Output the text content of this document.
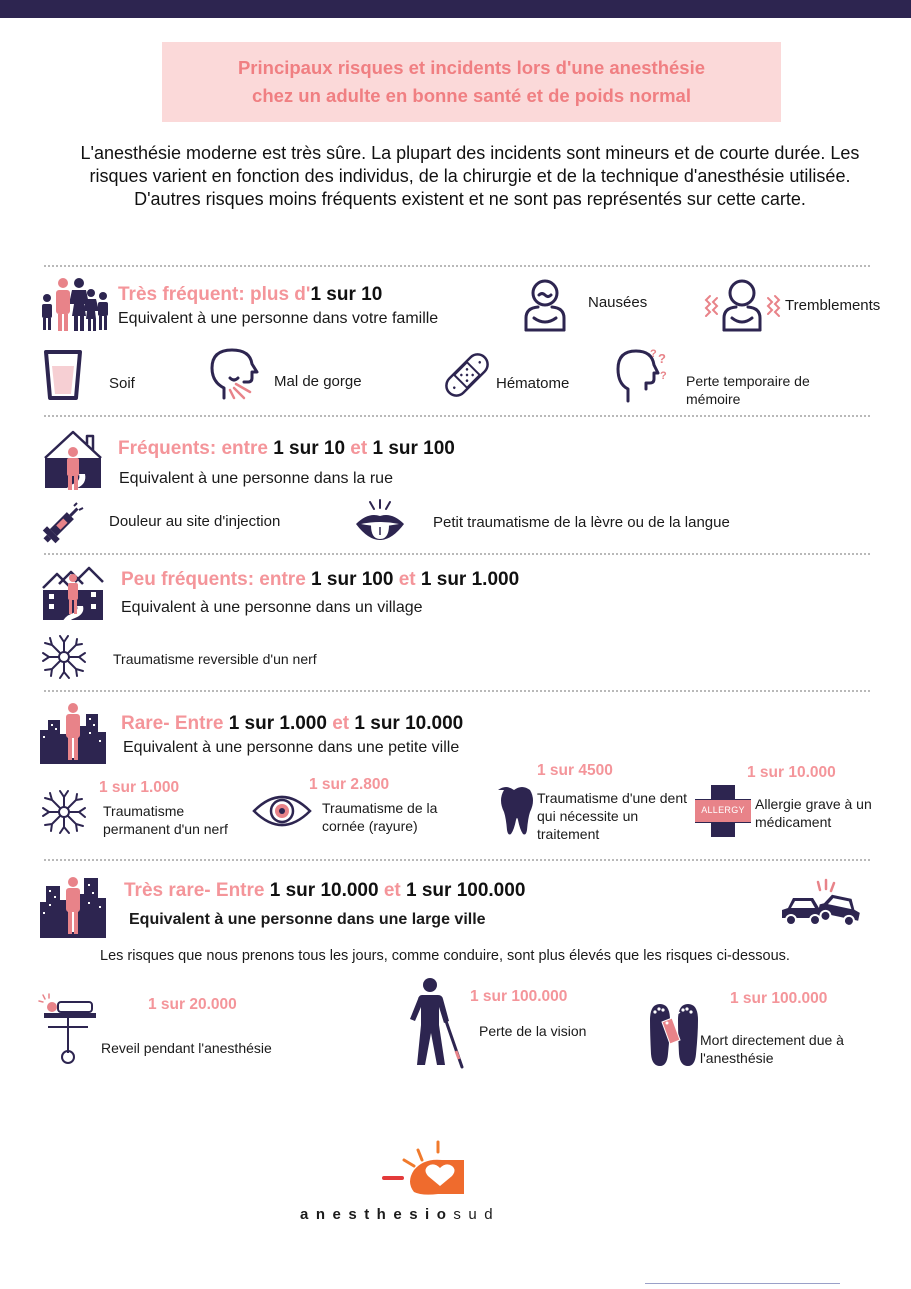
Principaux risques et incidents lors d'une anesthésie
chez un adulte en bonne santé et de poids normal
L'anesthésie moderne est très sûre. La plupart des incidents sont mineurs et de courte durée. Les risques varient en fonction des individus, de la chirurgie et de la technique d'anesthésie utilisée. D'autres risques moins fréquents existent et ne sont pas représentés sur cette carte.
Très fréquent: plus d'1 sur 10
Equivalent à une personne dans votre famille
Nausées	Tremblements
Soif	Mal de gorge	Hématome
? ?
? Perte temporaire de mémoire
Fréquents: entre 1 sur 10 et 1 sur 100
Equivalent à une personne dans la rue
Douleur au site d'injection	Petit traumatisme de la lèvre ou de la langue
Peu fréquents: entre 1 sur 100 et 1 sur 1.000
Equivalent à une personne dans un village
Traumatisme reversible d'un nerf
Rare- Entre 1 sur 1.000 et 1 sur 10.000
Equivalent à une personne dans une petite ville
1 sur 1.000
Traumatisme permanent d'un nerf
1 sur 2.800
Traumatisme de la cornée (rayure)
1 sur 4500
Traumatisme d'une dent qui nécessite un traitement
1 sur 10.000
ALLERGY Allergie grave à un médicament
Très rare- Entre 1 sur 10.000 et 1 sur 100.000
Equivalent à une personne dans une large ville
Les risques que nous prenons tous les jours, comme conduire, sont plus élevés que les risques ci-dessous.
1 sur 20.000
Reveil pendant l'anesthésie
1 sur 100.000
Perte de la vision
1 sur 100.000
Mort directement due à l'anesthésie
anesthesiosud
